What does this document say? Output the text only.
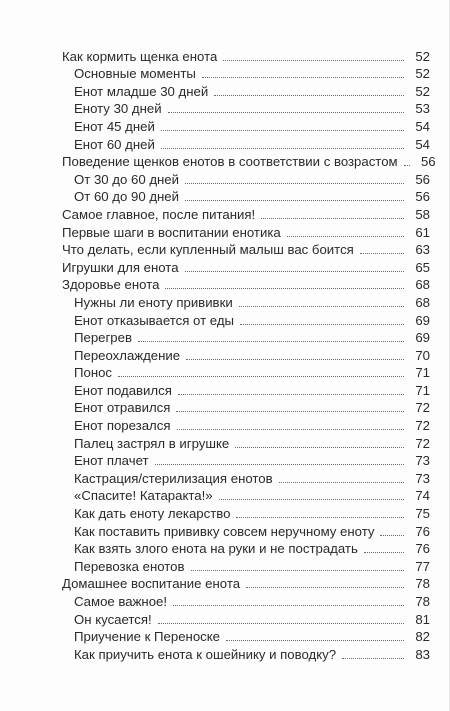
Как кормить щенка енота	52
Основные моменты	52
Енот младше 30 дней	52
Еноту 30 дней	53
Енот 45 дней	54
Енот 60 дней	54
Поведение щенков енотов в соответствии с возрастом	56
От 30 до 60 дней	56
От 60 до 90 дней	56
Самое главное, после питания!	58
Первые шаги в воспитании енотика	61
Что делать, если купленный малыш вас боится	63
Игрушки для енота	65
Здоровье енота	68
Нужны ли еноту прививки	68
Енот отказывается от еды	69
Перегрев	69
Переохлаждение	70
Понос	71
Енот подавился	71
Енот отравился	72
Енот порезался	72
Палец застрял в игрушке	72
Енот плачет	73
Кастрация/стерилизация енотов	73
«Спасите! Катаракта!»	74
Как дать еноту лекарство	75
Как поставить прививку совсем неручному еноту	76
Как взять злого енота на руки и не пострадать	76
Перевозка енотов	77
Домашнее воспитание енота	78
Самое важное!	78
Он кусается!	81
Приучение к Переноске	82
Как приучить енота к ошейнику и поводку?	83
